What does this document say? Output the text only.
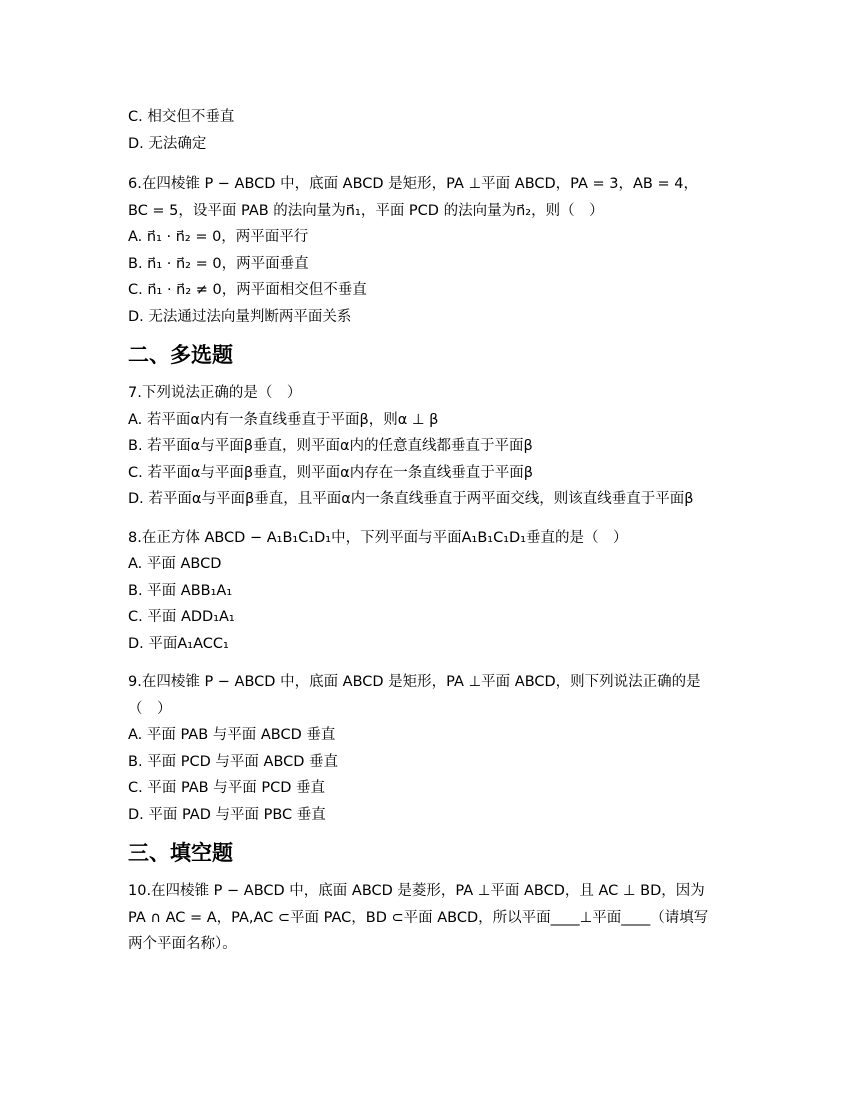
C. 相交但不垂直
D. 无法确定
6.在四棱锥 P − ABCD 中，底面 ABCD 是矩形，PA ⊥平面 ABCD，PA = 3，AB = 4，
BC = 5，设平面 PAB 的法向量为n⃗₁，平面 PCD 的法向量为n⃗₂，则（　）
A. n⃗₁ · n⃗₂ = 0，两平面平行
B. n⃗₁ · n⃗₂ = 0，两平面垂直
C. n⃗₁ · n⃗₂ ≠ 0，两平面相交但不垂直
D. 无法通过法向量判断两平面关系
二、多选题
7.下列说法正确的是（　）
A. 若平面α内有一条直线垂直于平面β，则α ⊥ β
B. 若平面α与平面β垂直，则平面α内的任意直线都垂直于平面β
C. 若平面α与平面β垂直，则平面α内存在一条直线垂直于平面β
D. 若平面α与平面β垂直，且平面α内一条直线垂直于两平面交线，则该直线垂直于平面β
8.在正方体 ABCD − A₁B₁C₁D₁中，下列平面与平面A₁B₁C₁D₁垂直的是（　）
A. 平面 ABCD
B. 平面 ABB₁A₁
C. 平面 ADD₁A₁
D. 平面A₁ACC₁
9.在四棱锥 P − ABCD 中，底面 ABCD 是矩形，PA ⊥平面 ABCD，则下列说法正确的是
（　）
A. 平面 PAB 与平面 ABCD 垂直
B. 平面 PCD 与平面 ABCD 垂直
C. 平面 PAB 与平面 PCD 垂直
D. 平面 PAD 与平面 PBC 垂直
三、填空题
10.在四棱锥 P − ABCD 中，底面 ABCD 是菱形，PA ⊥平面 ABCD，且 AC ⊥ BD，因为
PA ∩ AC = A，PA,AC ⊂平面 PAC，BD ⊂平面 ABCD，所以平面____⊥平面____（请填写
两个平面名称）。
